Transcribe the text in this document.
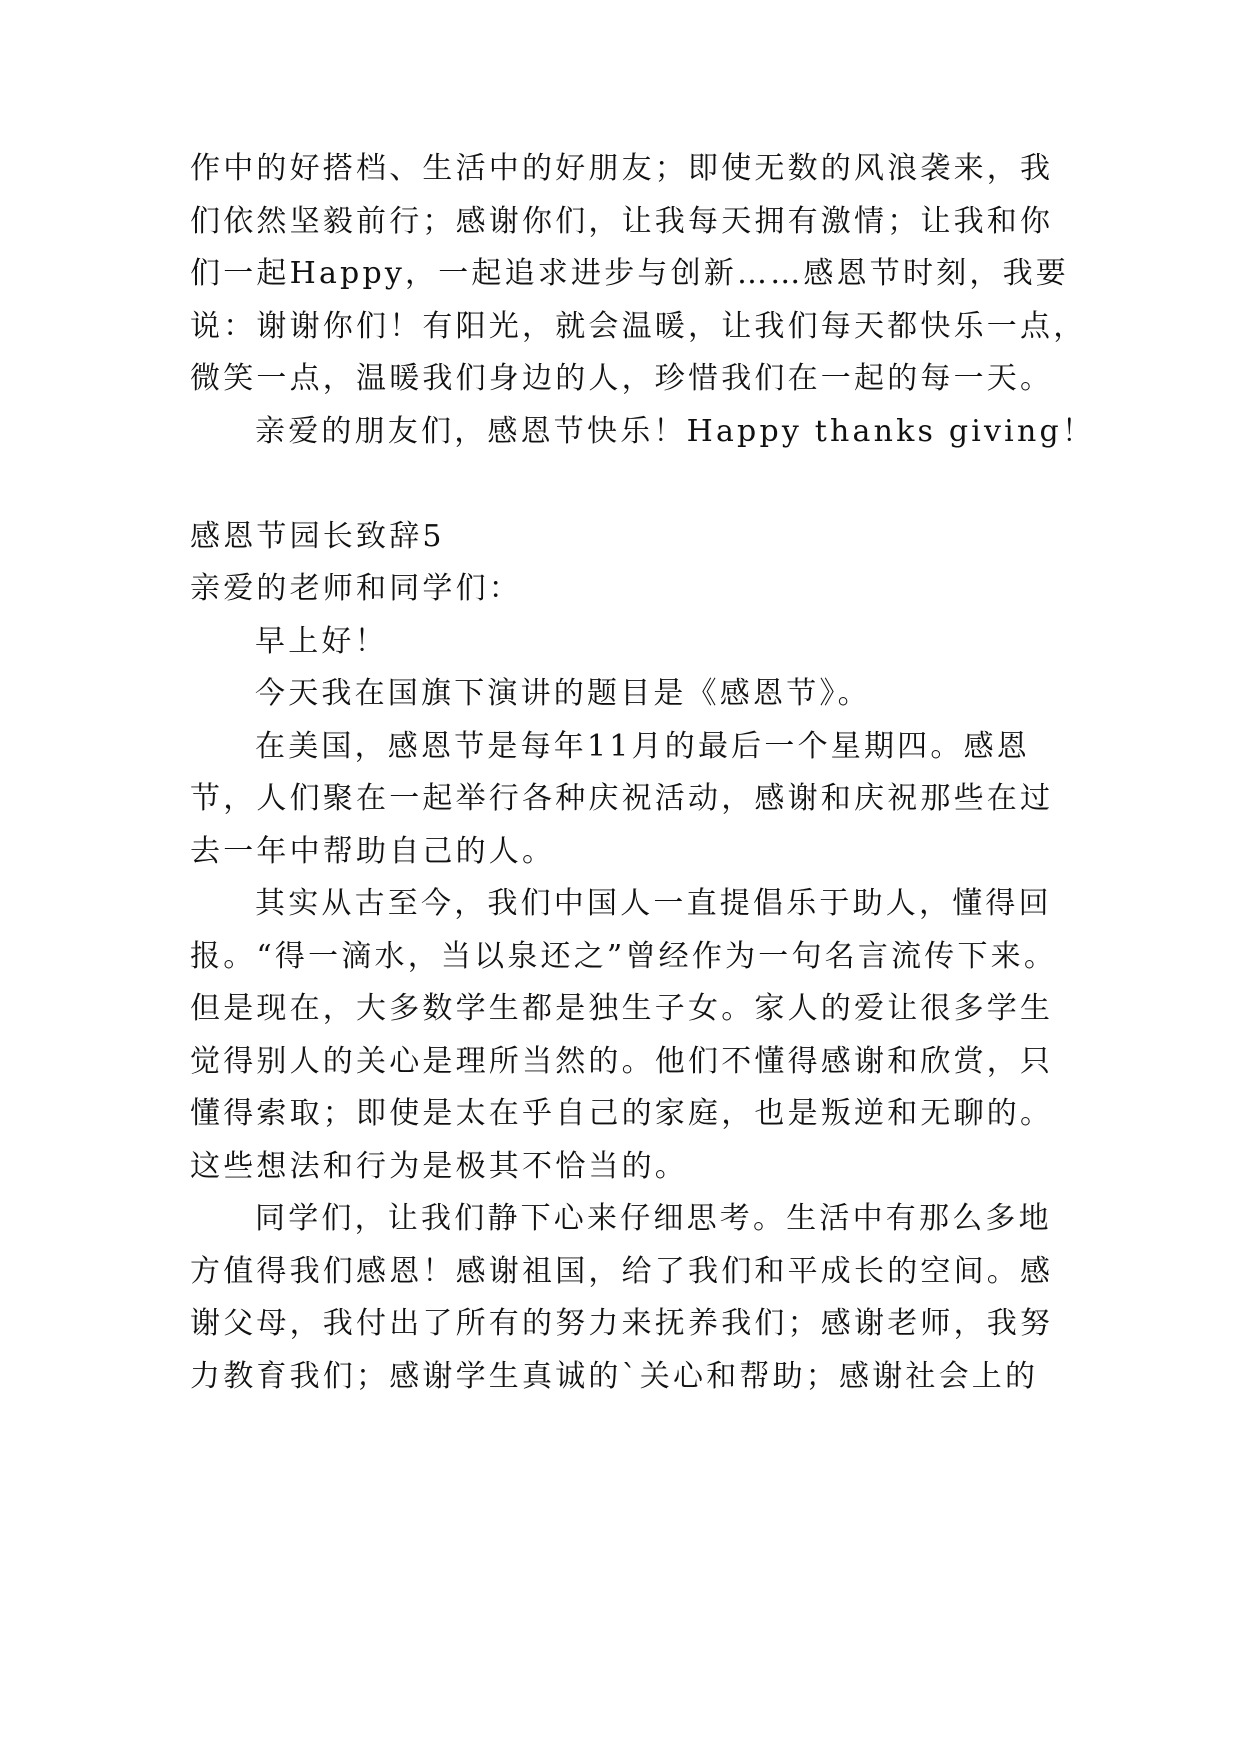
作中的好搭档、生活中的好朋友；即使无数的风浪袭来，我
们依然坚毅前行；感谢你们，让我每天拥有激情；让我和你
们一起Happy，一起追求进步与创新……感恩节时刻，我要
说：谢谢你们！有阳光，就会温暖，让我们每天都快乐一点，
微笑一点，温暖我们身边的人，珍惜我们在一起的每一天。
亲爱的朋友们，感恩节快乐！Happy thanks giving！
感恩节园长致辞5
亲爱的老师和同学们：
早上好！
今天我在国旗下演讲的题目是《感恩节》。
在美国，感恩节是每年11月的最后一个星期四。感恩
节，人们聚在一起举行各种庆祝活动，感谢和庆祝那些在过
去一年中帮助自己的人。
其实从古至今，我们中国人一直提倡乐于助人，懂得回
报。“得一滴水，当以泉还之”曾经作为一句名言流传下来。
但是现在，大多数学生都是独生子女。家人的爱让很多学生
觉得别人的关心是理所当然的。他们不懂得感谢和欣赏，只
懂得索取；即使是太在乎自己的家庭，也是叛逆和无聊的。
这些想法和行为是极其不恰当的。
同学们，让我们静下心来仔细思考。生活中有那么多地
方值得我们感恩！感谢祖国，给了我们和平成长的空间。感
谢父母，我付出了所有的努力来抚养我们；感谢老师，我努
力教育我们；感谢学生真诚的`关心和帮助；感谢社会上的
